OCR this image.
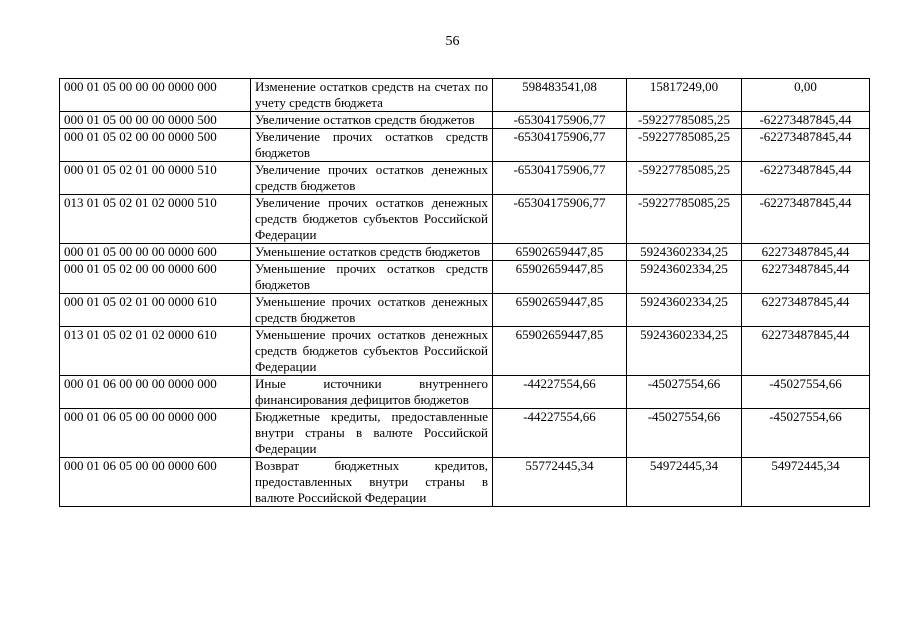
56
000 01 05 00 00 00 0000 000	Изменение остатков средств на счетах по учету средств бюджета	598483541,08	15817249,00	0,00
000 01 05 00 00 00 0000 500	Увеличение остатков средств бюджетов	-65304175906,77	-59227785085,25	-62273487845,44
000 01 05 02 00 00 0000 500	Увеличение прочих остатков средств бюджетов	-65304175906,77	-59227785085,25	-62273487845,44
000 01 05 02 01 00 0000 510	Увеличение прочих остатков денежных средств бюджетов	-65304175906,77	-59227785085,25	-62273487845,44
013 01 05 02 01 02 0000 510	Увеличение прочих остатков денежных средств бюджетов субъектов Российской Федерации	-65304175906,77	-59227785085,25	-62273487845,44
000 01 05 00 00 00 0000 600	Уменьшение остатков средств бюджетов	65902659447,85	59243602334,25	62273487845,44
000 01 05 02 00 00 0000 600	Уменьшение прочих остатков средств бюджетов	65902659447,85	59243602334,25	62273487845,44
000 01 05 02 01 00 0000 610	Уменьшение прочих остатков денежных средств бюджетов	65902659447,85	59243602334,25	62273487845,44
013 01 05 02 01 02 0000 610	Уменьшение прочих остатков денежных средств бюджетов субъектов Российской Федерации	65902659447,85	59243602334,25	62273487845,44
000 01 06 00 00 00 0000 000	Иные источники внутреннего финансирования дефицитов бюджетов	-44227554,66	-45027554,66	-45027554,66
000 01 06 05 00 00 0000 000	Бюджетные кредиты, предоставленные внутри страны в валюте Российской Федерации	-44227554,66	-45027554,66	-45027554,66
000 01 06 05 00 00 0000 600	Возврат бюджетных кредитов, предоставленных внутри страны в валюте Российской Федерации	55772445,34	54972445,34	54972445,34
